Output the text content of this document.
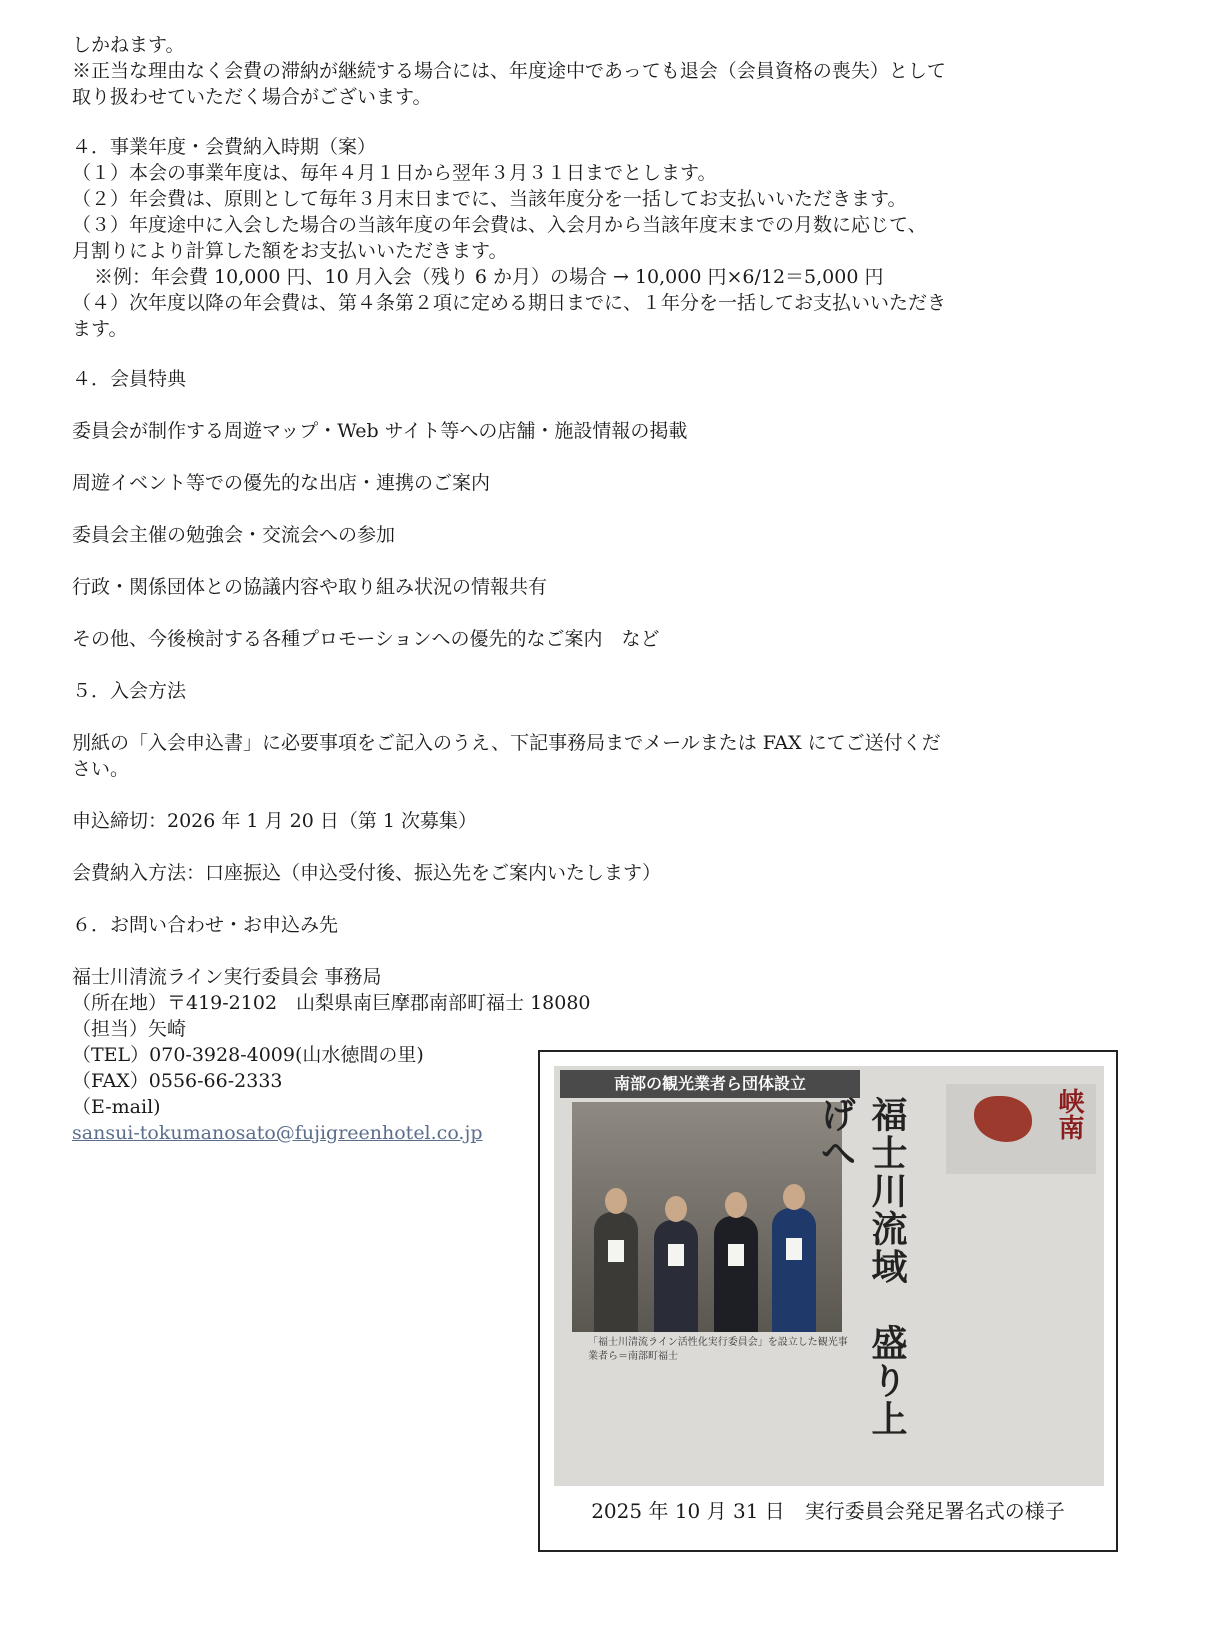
しかねます。
※正当な理由なく会費の滞納が継続する場合には、年度途中であっても退会（会員資格の喪失）として
取り扱わせていただく場合がございます。
４．事業年度・会費納入時期（案）
（１）本会の事業年度は、毎年４月１日から翌年３月３１日までとします。
（２）年会費は、原則として毎年３月末日までに、当該年度分を一括してお支払いいただきます。
（３）年度途中に入会した場合の当該年度の年会費は、入会月から当該年度末までの月数に応じて、
月割りにより計算した額をお支払いいただきます。
※例：年会費 10,000 円、10 月入会（残り 6 か月）の場合 → 10,000 円×6/12＝5,000 円
（４）次年度以降の年会費は、第４条第２項に定める期日までに、１年分を一括してお支払いいただき
ます。
４．会員特典
委員会が制作する周遊マップ・Web サイト等への店舗・施設情報の掲載
周遊イベント等での優先的な出店・連携のご案内
委員会主催の勉強会・交流会への参加
行政・関係団体との協議内容や取り組み状況の情報共有
その他、今後検討する各種プロモーションへの優先的なご案内　など
５．入会方法
別紙の「入会申込書」に必要事項をご記入のうえ、下記事務局までメールまたは FAX にてご送付くだ
さい。
申込締切：2026 年 1 月 20 日（第 1 次募集）
会費納入方法：口座振込（申込受付後、振込先をご案内いたします）
６．お問い合わせ・お申込み先
福士川清流ライン実行委員会 事務局
（所在地）〒419-2102　山梨県南巨摩郡南部町福士 18080
（担当）矢崎
（TEL）070-3928-4009(山水徳間の里)
（FAX）0556-66-2333
（E-mail)
sansui-tokumanosato@fujigreenhotel.co.jp
南部の観光業者ら団体設立
「福士川清流ライン活性化実行委員会」を設立した観光事業者ら＝南部町福士	福士川流域　盛り上げへ	峡南
2025 年 10 月 31 日　実行委員会発足署名式の様子
